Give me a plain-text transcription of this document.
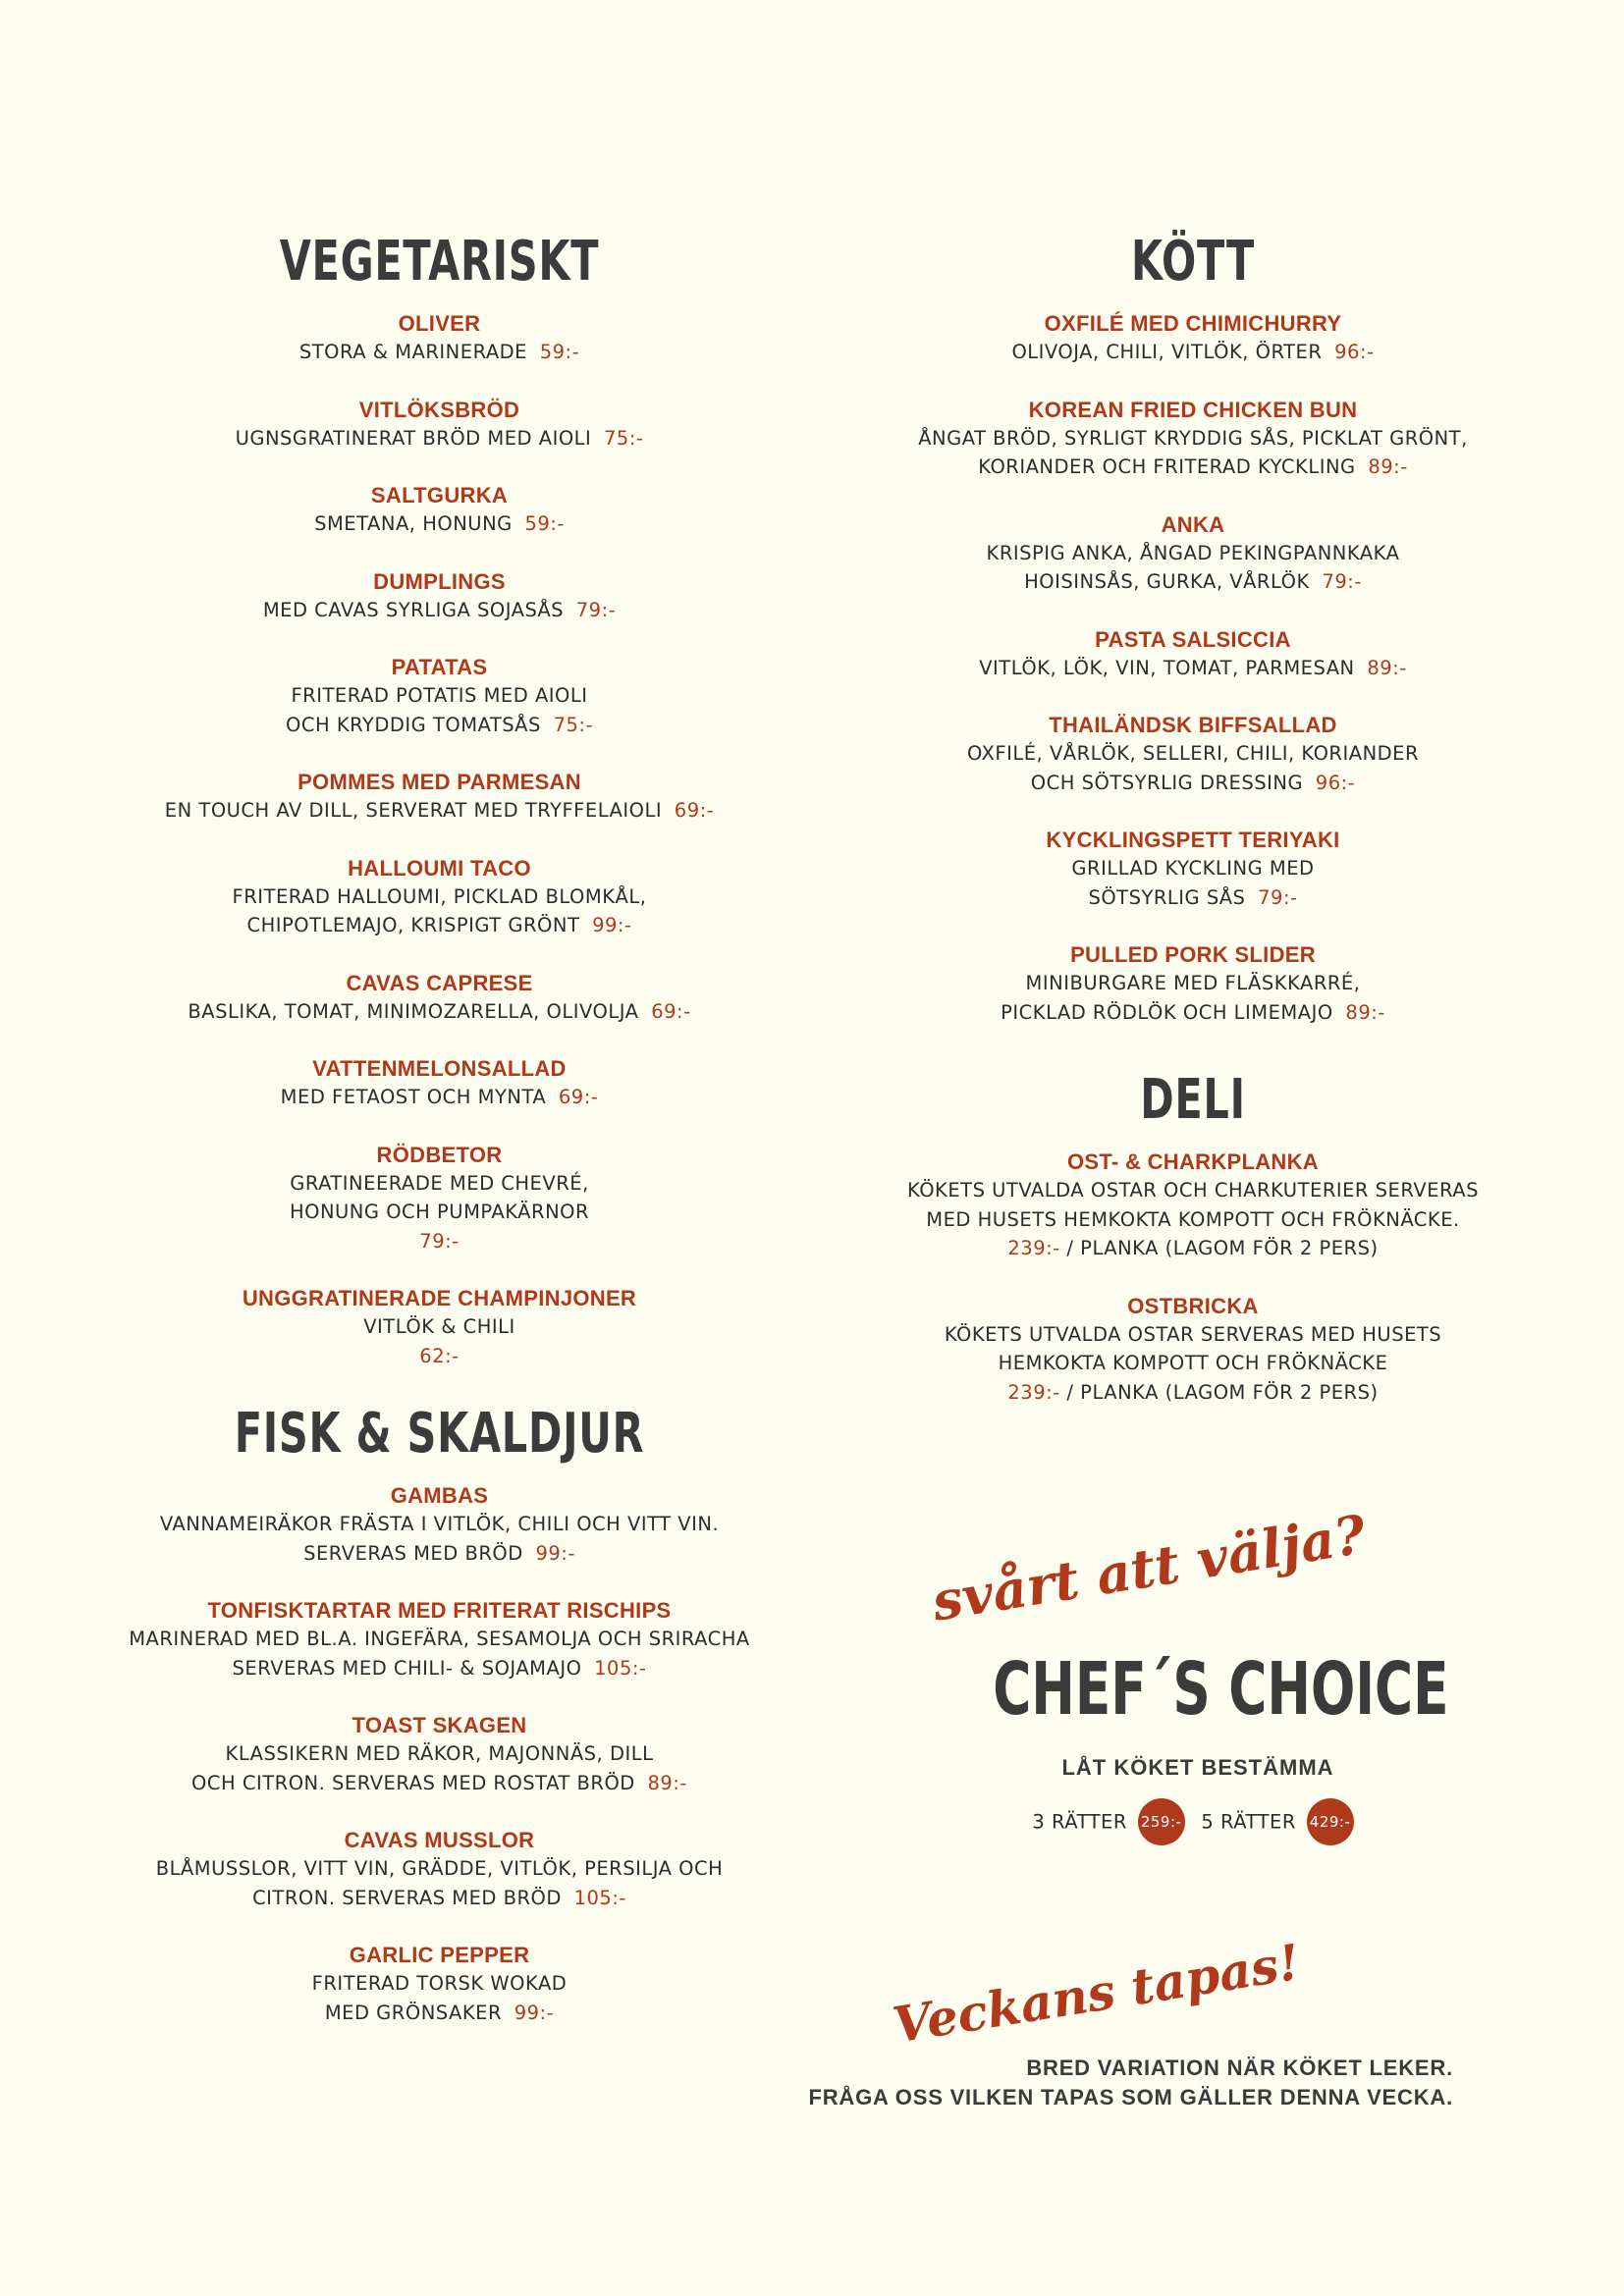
VEGETARISKT
OLIVER
STORA & MARINERADE 59:-
VITLÖKSBRÖD
UGNSGRATINERAT BRÖD MED AIOLI 75:-
SALTGURKA
SMETANA, HONUNG 59:-
DUMPLINGS
MED CAVAS SYRLIGA SOJASÅS 79:-
PATATAS
FRITERAD POTATIS MED AIOLI
OCH KRYDDIG TOMATSÅS 75:-
POMMES MED PARMESAN
EN TOUCH AV DILL, SERVERAT MED TRYFFELAIOLI 69:-
HALLOUMI TACO
FRITERAD HALLOUMI, PICKLAD BLOMKÅL,
CHIPOTLEMAJO, KRISPIGT GRÖNT 99:-
CAVAS CAPRESE
BASLIKA, TOMAT, MINIMOZARELLA, OLIVOLJA 69:-
VATTENMELONSALLAD
MED FETAOST OCH MYNTA 69:-
RÖDBETOR
GRATINEERADE MED CHEVRÉ,
HONUNG OCH PUMPAKÄRNOR
79:-
UNGGRATINERADE CHAMPINJONER
VITLÖK & CHILI
62:-
FISK & SKALDJUR
GAMBAS
VANNAMEIRÄKOR FRÄSTA I VITLÖK, CHILI OCH VITT VIN.
SERVERAS MED BRÖD 99:-
TONFISKTARTAR MED FRITERAT RISCHIPS
MARINERAD MED BL.A. INGEFÄRA, SESAMOLJA OCH SRIRACHA
SERVERAS MED CHILI- & SOJAMAJO 105:-
TOAST SKAGEN
KLASSIKERN MED RÄKOR, MAJONNÄS, DILL
OCH CITRON. SERVERAS MED ROSTAT BRÖD 89:-
CAVAS MUSSLOR
BLÅMUSSLOR, VITT VIN, GRÄDDE, VITLÖK, PERSILJA OCH
CITRON. SERVERAS MED BRÖD 105:-
GARLIC PEPPER
FRITERAD TORSK WOKAD
MED GRÖNSAKER 99:-
KÖTT
OXFILÉ MED CHIMICHURRY
OLIVOJA, CHILI, VITLÖK, ÖRTER 96:-
KOREAN FRIED CHICKEN BUN
ÅNGAT BRÖD, SYRLIGT KRYDDIG SÅS, PICKLAT GRÖNT,
KORIANDER OCH FRITERAD KYCKLING 89:-
ANKA
KRISPIG ANKA, ÅNGAD PEKINGPANNKAKA
HOISINSÅS, GURKA, VÅRLÖK 79:-
PASTA SALSICCIA
VITLÖK, LÖK, VIN, TOMAT, PARMESAN 89:-
THAILÄNDSK BIFFSALLAD
OXFILÉ, VÅRLÖK, SELLERI, CHILI, KORIANDER
OCH SÖTSYRLIG DRESSING 96:-
KYCKLINGSPETT TERIYAKI
GRILLAD KYCKLING MED
SÖTSYRLIG SÅS 79:-
PULLED PORK SLIDER
MINIBURGARE MED FLÄSKKARRÉ,
PICKLAD RÖDLÖK OCH LIMEMAJO 89:-
DELI
OST- & CHARKPLANKA
KÖKETS UTVALDA OSTAR OCH CHARKUTERIER SERVERAS
MED HUSETS HEMKOKTA KOMPOTT OCH FRÖKNÄCKE.
239:- / PLANKA (LAGOM FÖR 2 PERS)
OSTBRICKA
KÖKETS UTVALDA OSTAR SERVERAS MED HUSETS
HEMKOKTA KOMPOTT OCH FRÖKNÄCKE
239:- / PLANKA (LAGOM FÖR 2 PERS)
svårt att välja?
CHEF´S CHOICE
LÅT KÖKET BESTÄMMA
3 RÄTTER 259:- 5 RÄTTER 429:-
Veckans tapas!
BRED VARIATION NÄR KÖKET LEKER.
FRÅGA OSS VILKEN TAPAS SOM GÄLLER DENNA VECKA.
